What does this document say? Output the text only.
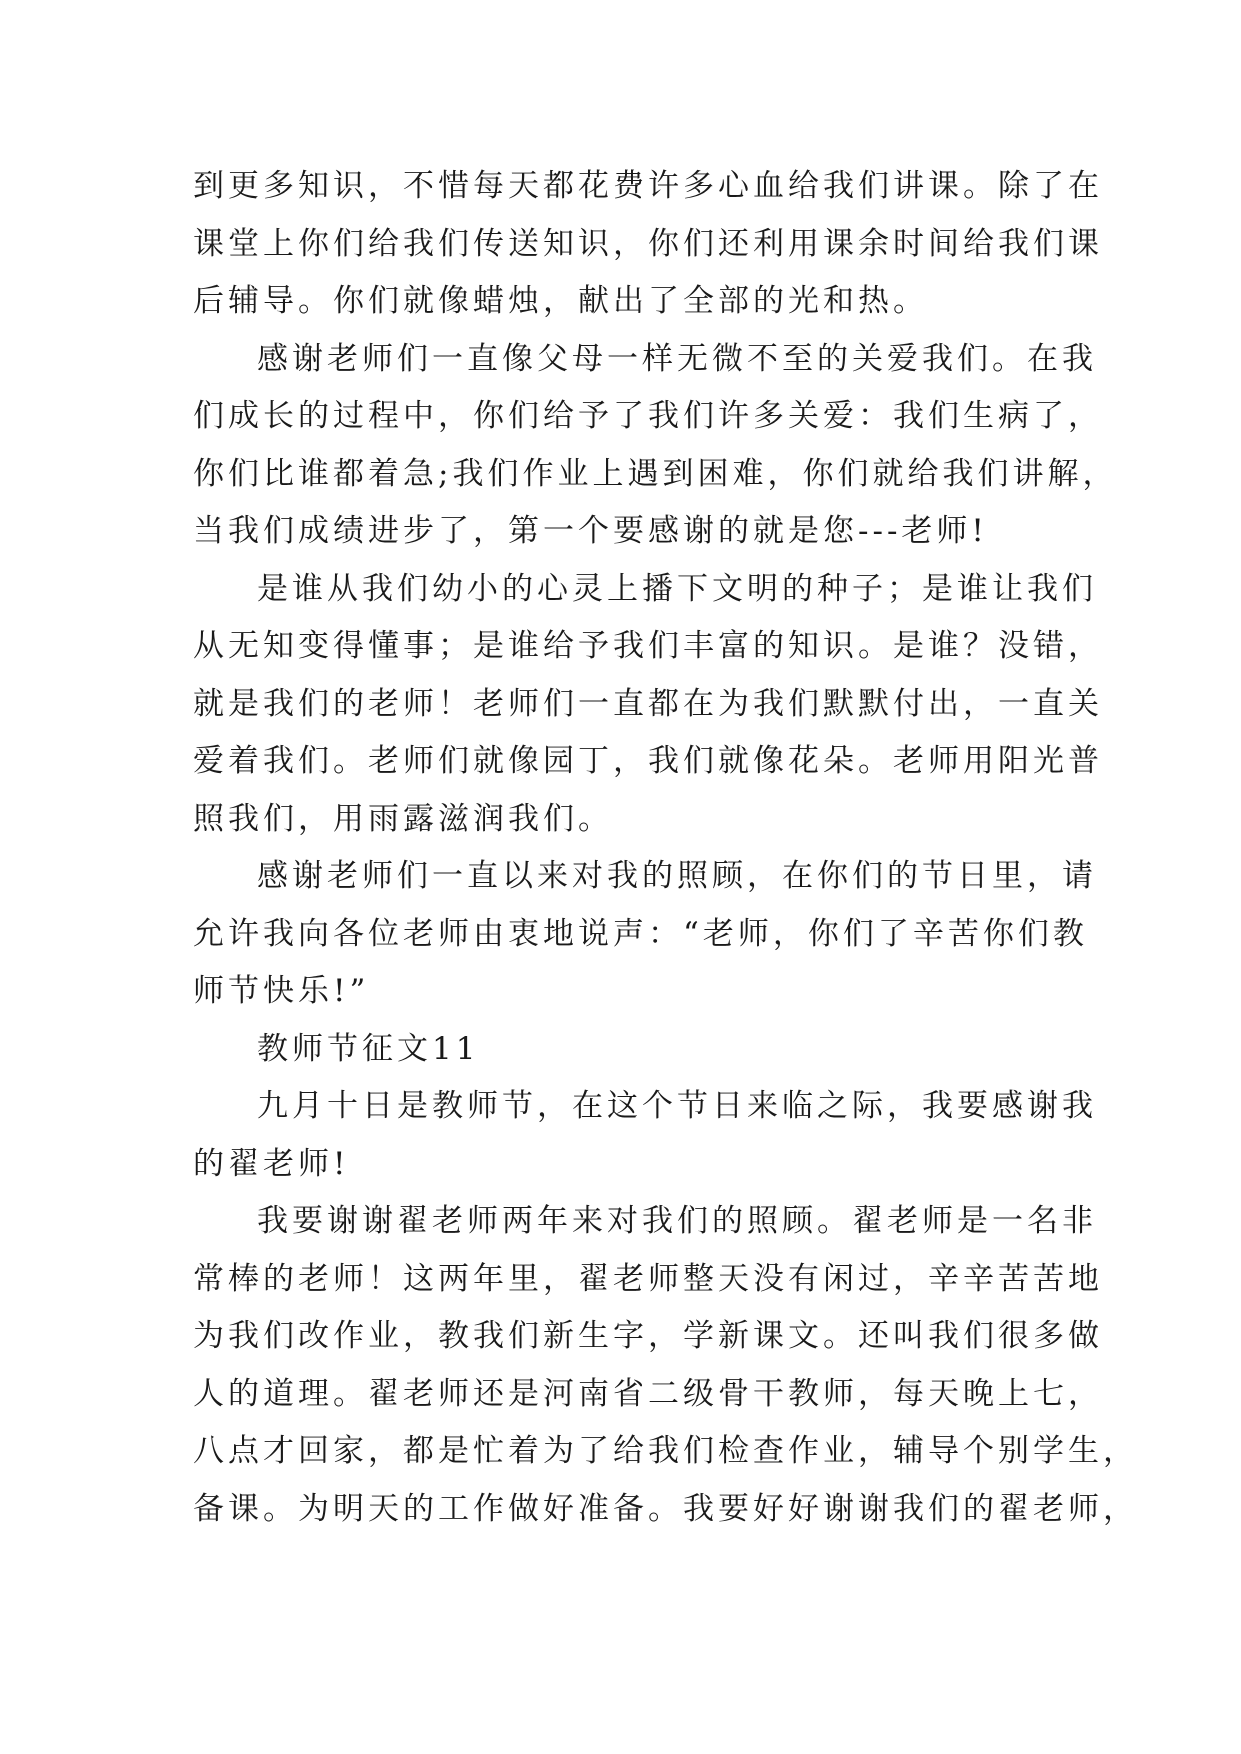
到更多知识，不惜每天都花费许多心血给我们讲课。除了在
课堂上你们给我们传送知识，你们还利用课余时间给我们课
后辅导。你们就像蜡烛，献出了全部的光和热。
感谢老师们一直像父母一样无微不至的关爱我们。在我
们成长的过程中，你们给予了我们许多关爱：我们生病了，
你们比谁都着急;我们作业上遇到困难，你们就给我们讲解，
当我们成绩进步了，第一个要感谢的就是您---老师!
是谁从我们幼小的心灵上播下文明的种子；是谁让我们
从无知变得懂事；是谁给予我们丰富的知识。是谁？没错，
就是我们的老师！老师们一直都在为我们默默付出，一直关
爱着我们。老师们就像园丁，我们就像花朵。老师用阳光普
照我们，用雨露滋润我们。
感谢老师们一直以来对我的照顾，在你们的节日里，请
允许我向各位老师由衷地说声：“老师，你们了辛苦你们教
师节快乐!”
教师节征文11
九月十日是教师节，在这个节日来临之际，我要感谢我
的翟老师!
我要谢谢翟老师两年来对我们的照顾。翟老师是一名非
常棒的老师！这两年里，翟老师整天没有闲过，辛辛苦苦地
为我们改作业，教我们新生字，学新课文。还叫我们很多做
人的道理。翟老师还是河南省二级骨干教师，每天晚上七，
八点才回家，都是忙着为了给我们检查作业，辅导个别学生，
备课。为明天的工作做好准备。我要好好谢谢我们的翟老师，
